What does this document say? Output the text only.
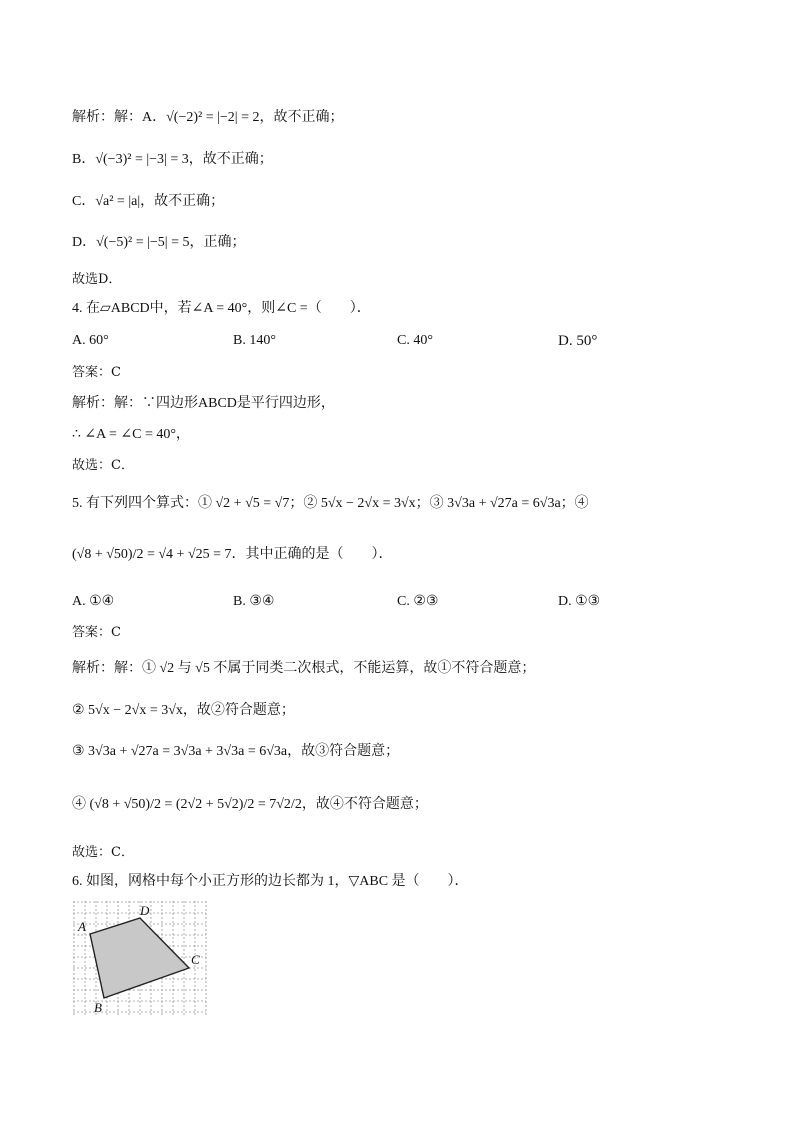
解析：解：A．√(−2)² = |−2| = 2，故不正确；
B．√(−3)² = |−3| = 3，故不正确；
C．√a² = |a|，故不正确；
D．√(−5)² = |−5| = 5，正确；
故选D．
4. 在▱ABCD中，若∠A = 40°，则∠C =（　　）．
A. 60°	B. 140°	C. 40°	D. 50°
答案：C
解析：解：∵四边形ABCD是平行四边形，
∴ ∠A = ∠C = 40°，
故选：C．
5. 有下列四个算式：① √2 + √5 = √7；② 5√x − 2√x = 3√x；③ 3√3a + √27a = 6√3a；④
(√8 + √50)/2 = √4 + √25 = 7．其中正确的是（　　）．
A. ①④	B. ③④	C. ②③	D. ①③
答案：C
解析：解：① √2 与 √5 不属于同类二次根式，不能运算，故①不符合题意；
② 5√x − 2√x = 3√x，故②符合题意；
③ 3√3a + √27a = 3√3a + 3√3a = 6√3a，故③符合题意；
④ (√8 + √50)/2 = (2√2 + 5√2)/2 = 7√2/2，故④不符合题意；
故选：C．
6. 如图，网格中每个小正方形的边长都为 1，▽ABC 是（　　）．
A
B
C
D
